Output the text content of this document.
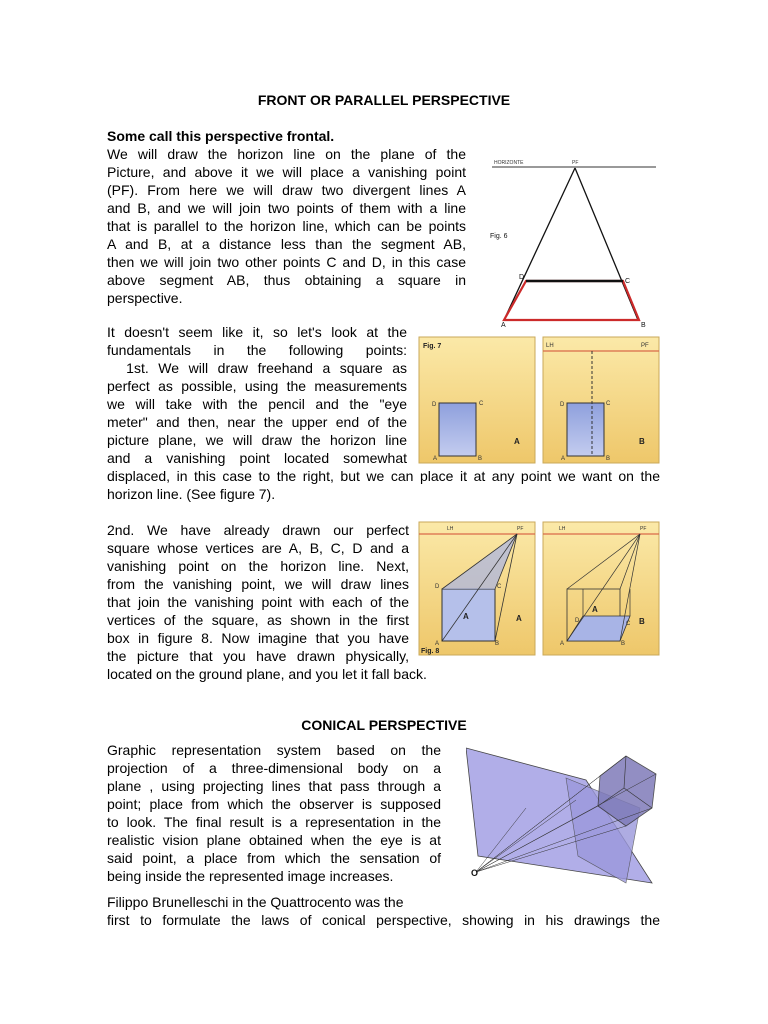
FRONT OR PARALLEL PERSPECTIVE
Some call this perspective frontal.
We will draw the horizon line on the plane of the
Picture, and above it we will place a vanishing point
(PF). From here we will draw two divergent lines A
and B, and we will join two points of them with a line
that is parallel to the horizon line, which can be points
A and B, at a distance less than the segment AB,
then we will join two other points C and D, in this case
above segment AB, thus obtaining a square in
perspective.
HORIZONTE	PF
Fig. 6
D
C
A	B
It doesn't seem like it, so let's look at the
fundamentals in the following points:
1st. We will draw freehand a square as
perfect as possible, using the measurements
we will take with the pencil and the "eye
meter" and then, near the upper end of the
picture plane, we will draw the horizon line
and a vanishing point located somewhat
displaced, in this case to the right, but we can place it at any point we want on the
horizon line. (See figure 7).
Fig. 7
D	C
A	B
A
LH	PF
D	C
A	B
B
2nd. We have already drawn our perfect
square whose vertices are A, B, C, D and a
vanishing point on the horizon line. Next,
from the vanishing point, we will draw lines
that join the vanishing point with each of the
vertices of the square, as shown in the first
box in figure 8. Now imagine that you have
the picture that you have drawn physically,
located on the ground plane, and you let it fall back.
LH	PF
A	A
D	C
A	B
Fig. 8
LH	PF
A
B
D	C
A	B
CONICAL PERSPECTIVE
Graphic representation system based on the
projection of a three-dimensional body on a
plane , using projecting lines that pass through a
point; place from which the observer is supposed
to look. The final result is a representation in the
realistic vision plane obtained when the eye is at
said point, a place from which the sensation of
being inside the represented image increases.	O
Filippo Brunelleschi in the Quattrocento was the
first to formulate the laws of conical perspective, showing in his drawings the
